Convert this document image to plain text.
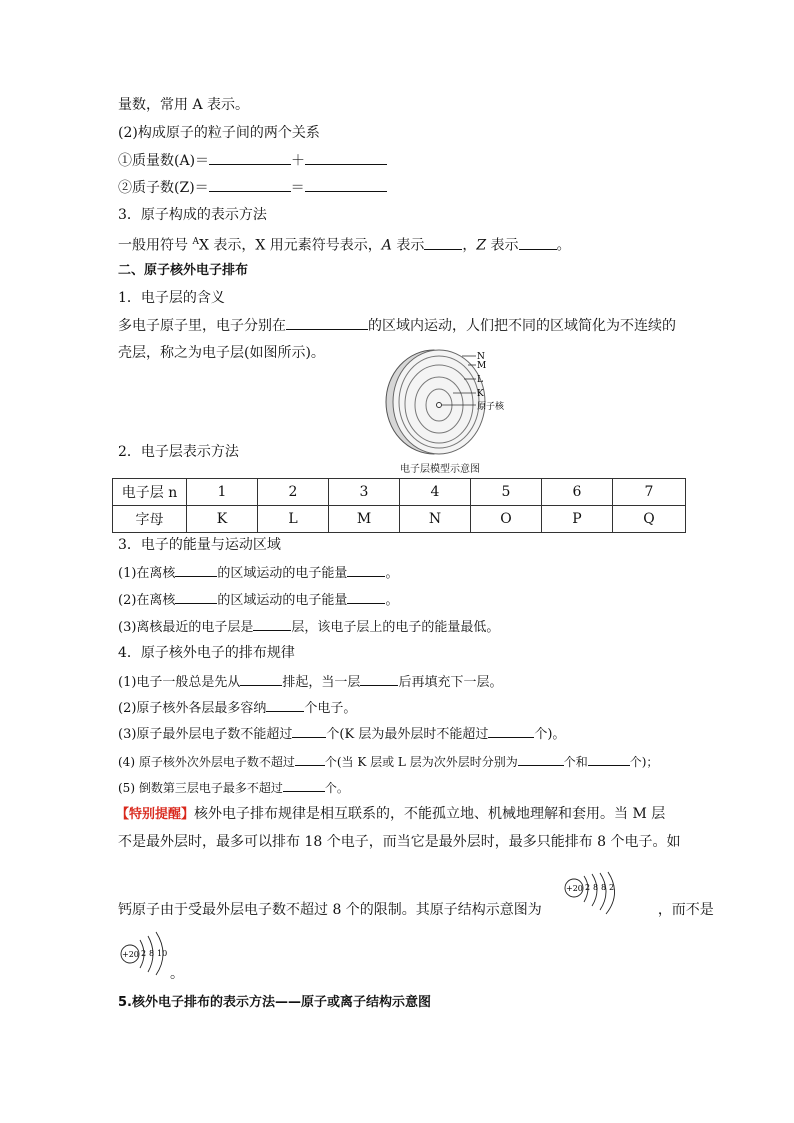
量数，常用 A 表示。
(2)构成原子的粒子间的两个关系
①质量数(A)＝	＋
②质子数(Z)＝	＝
3．原子构成的表示方法
一般用符号 $^A$X 表示，X 用元素符号表示，A 表示	，Z 表示	。
二、原子核外电子排布
1．电子层的含义
多电子原子里，电子分别在	的区域内运动，人们把不同的区域简化为不连续的
壳层，称之为电子层(如图所示)。	N
M
L
K
原子核
电子层模型示意图
2．电子层表示方法
电子层 n	1	2	3	4	5	6	7
字母	K	L	M	N	O	P	Q
3．电子的能量与运动区域
(1)在离核	的区域运动的电子能量	。
(2)在离核	的区域运动的电子能量	。
(3)离核最近的电子层是	层，该电子层上的电子的能量最低。
4．原子核外电子的排布规律
(1)电子一般总是先从	排起，当一层	后再填充下一层。
(2)原子核外各层最多容纳	个电子。
(3)原子最外层电子数不能超过	个(K 层为最外层时不能超过	个)。
(4) 原子核外次外层电子数不超过	个(当 K 层或 L 层为次外层时分别为	个和	个)；
(5) 倒数第三层电子最多不超过	个。
【特别提醒】核外电子排布规律是相互联系的，不能孤立地、机械地理解和套用。当 M 层
不是最外层时，最多可以排布 18 个电子，而当它是最外层时，最多只能排布 8 个电子。如
钙原子由于受最外层电子数不超过 8 个的限制。其原子结构示意图为	，而不是
+20 2 8 8 2
+20 2 8 10
。
5.核外电子排布的表示方法——原子或离子结构示意图
